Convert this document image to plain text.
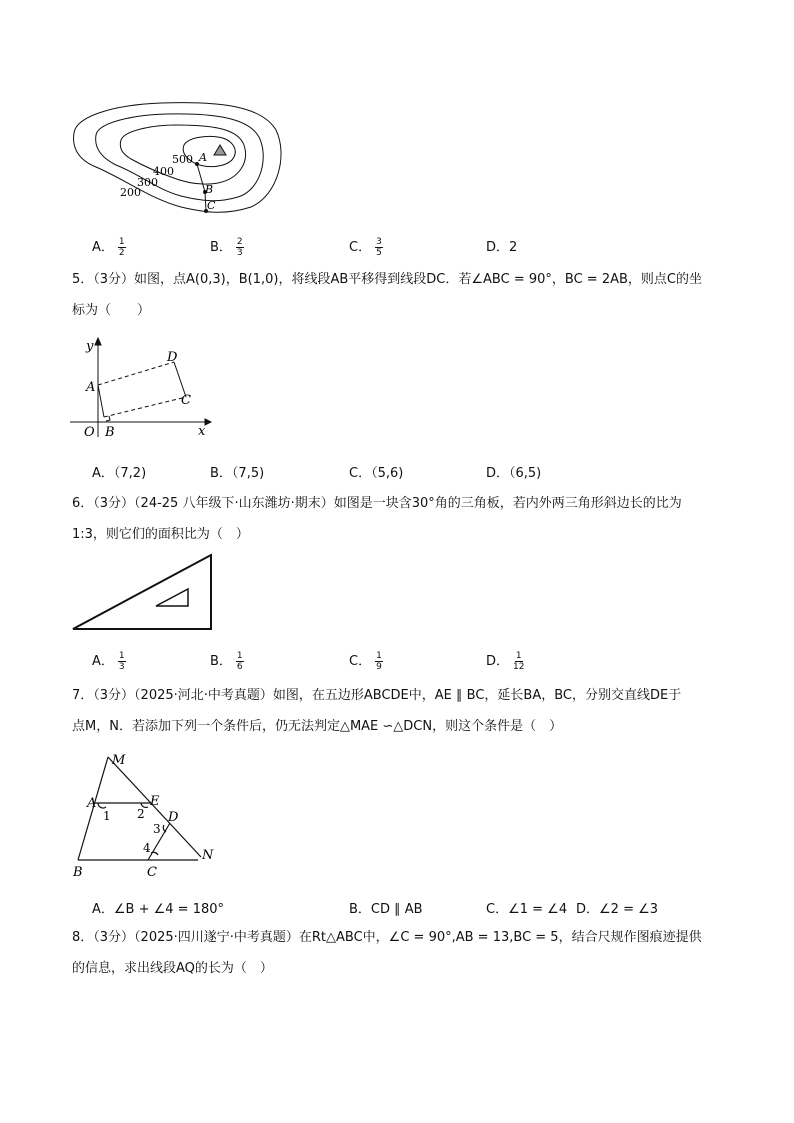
500
400
300
200
A
B
C
A． $\frac{1}{2}$	B． $\frac{2}{3}$	C． $\frac{3}{5}$	D．2
5．（3分）如图，点A(0,3)，B(1,0)，将线段AB平移得到线段DC．若∠ABC = 90°，BC = 2AB，则点C的坐
标为（　　）
y
x
O
A
B
C
D
A．（7,2)	B．（7,5)	C．（5,6)	D．（6,5)
6．（3分）（24-25 八年级下·山东潍坊·期末）如图是一块含30°角的三角板，若内外两三角形斜边长的比为
1:3，则它们的面积比为（　）
A． $\frac{1}{3}$	B． $\frac{1}{6}$	C． $\frac{1}{9}$	D． $\frac{1}{12}$
7．（3分）（2025·河北·中考真题）如图，在五边形ABCDE中，AE ∥ BC，延长BA，BC，分别交直线DE于
点M，N．若添加下列一个条件后，仍无法判定△MAE ∽△DCN，则这个条件是（　）
M
A	E
D
B	C
N
1 2
3
4
A．∠B + ∠4 = 180°	B．CD ∥ AB	C．∠1 = ∠4 D．∠2 = ∠3
8．（3分）（2025·四川遂宁·中考真题）在Rt△ABC中，∠C = 90°,AB = 13,BC = 5，结合尺规作图痕迹提供
的信息，求出线段AQ的长为（　）
